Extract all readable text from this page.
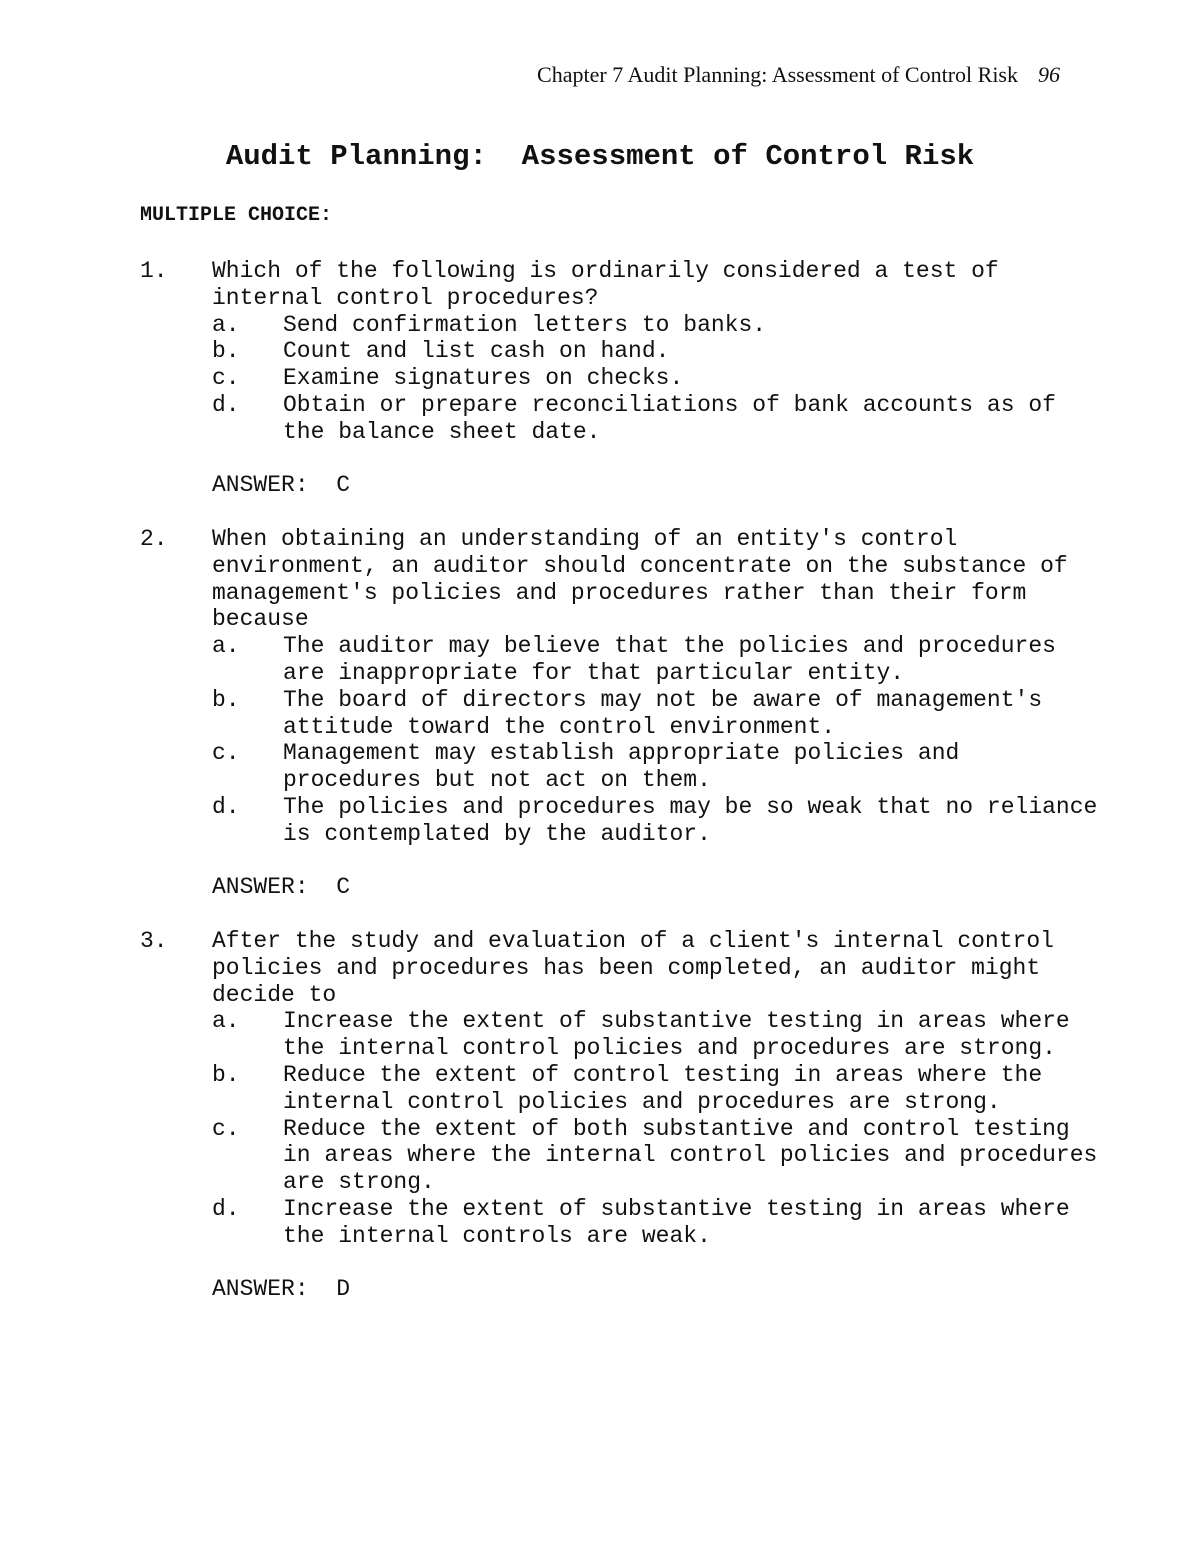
Chapter 7 Audit Planning: Assessment of Control Risk 96
Audit Planning:  Assessment of Control Risk
MULTIPLE CHOICE:
1. Which of the following is ordinarily considered a test of internal control procedures?
a. Send confirmation letters to banks.
b. Count and list cash on hand.
c. Examine signatures on checks.
d. Obtain or prepare reconciliations of bank accounts as of the balance sheet date.
ANSWER:  C
2. When obtaining an understanding of an entity's control environment, an auditor should concentrate on the substance of management's policies and procedures rather than their form because
a. The auditor may believe that the policies and procedures are inappropriate for that particular entity.
b. The board of directors may not be aware of management's attitude toward the control environment.
c. Management may establish appropriate policies and procedures but not act on them.
d. The policies and procedures may be so weak that no reliance is contemplated by the auditor.
ANSWER:  C
3. After the study and evaluation of a client's internal control policies and procedures has been completed, an auditor might decide to
a. Increase the extent of substantive testing in areas where the internal control policies and procedures are strong.
b. Reduce the extent of control testing in areas where the internal control policies and procedures are strong.
c. Reduce the extent of both substantive and control testing in areas where the internal control policies and procedures are strong.
d. Increase the extent of substantive testing in areas where the internal controls are weak.
ANSWER:  D
